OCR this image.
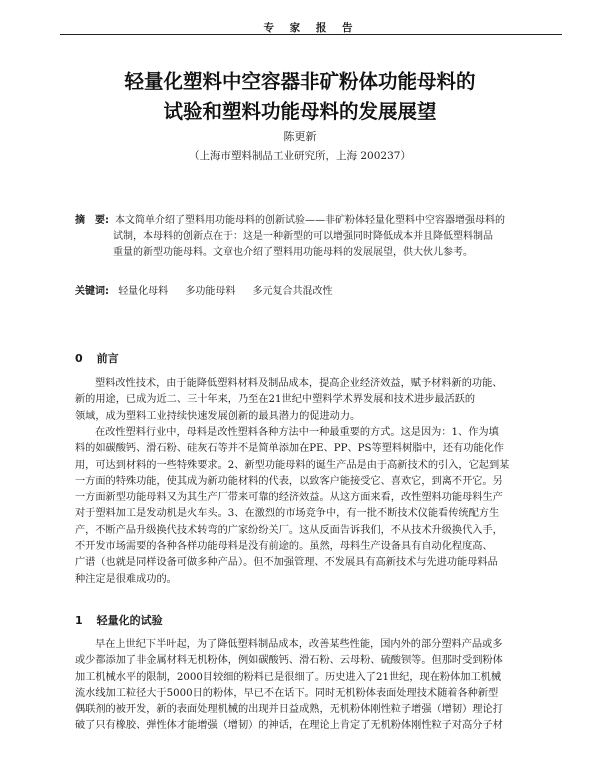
专 家 报 告
轻量化塑料中空容器非矿粉体功能母料的
试验和塑料功能母料的发展展望
陈更新
（上海市塑料制品工业研究所，上海 200237）
摘　要: 本文简单介绍了塑料用功能母料的创新试验——非矿粉体轻量化塑料中空容器增强母料的
试制，本母料的创新点在于：这是一种新型的可以增强同时降低成本并且降低塑料制品
重量的新型功能母料。文章也介绍了塑料用功能母料的发展展望，供大伙儿参考。
关键词: 轻量化母料 多功能母料 多元复合共混改性
0 前言
塑料改性技术，由于能降低塑料材料及制品成本，提高企业经济效益，赋予材料新的功能、
新的用途，已成为近二、三十年来，乃至在21世纪中塑料学术界发展和技术进步最活跃的
领域，成为塑料工业持续快速发展创新的最具潜力的促进动力。
在改性塑料行业中，母料是改性塑料各种方法中一种最重要的方式。这是因为：1、作为填
料的如碳酸钙、滑石粉、硅灰石等并不是简单添加在PE、PP、PS等塑料树脂中，还有功能化作
用，可达到材料的一些特殊要求。2、新型功能母料的诞生产品是由于高新技术的引入，它起到某
一方面的特殊功能，使其成为新功能材料的代表，以致客户能接受它、喜欢它，到离不开它。另
一方面新型功能母料又为其生产厂带来可靠的经济效益。从这方面来看，改性塑料功能母料生产
对于塑料加工是发动机是火车头。3、在激烈的市场竞争中，有一批不断技术仪能看传统配方生
产，不断产品升级换代技术转弯的广家纷纷关厂。这从反面告诉我们，不从技术升级换代入手，
不开发市场需要的各种各样功能母料是没有前途的。虽然，母料生产设备具有自动化程度高、
广谱（也就是同样设备可做多种产品）。但不加强管理、不发展具有高新技术与先进功能母料品
种注定是很难成功的。
1 轻量化的试验
早在上世纪下半叶起，为了降低塑料制品成本，改善某些性能，国内外的部分塑料产品或多
或少都添加了非金属材料无机粉体，例如碳酸钙、滑石粉、云母粉、硫酸钡等。但那时受到粉体
加工机械水平的限制，2000目较细的粉料已是很细了。历史进入了21世纪，现在粉体加工机械
流水线加工粒径大于5000日的粉体，早已不在话下。同时无机粉体表面处理技术随着各种新型
偶联剂的被开发，新的表面处理机械的出现并日益成熟，无机粉体刚性粒子增强（增韧）理论打
破了只有橡胶、弹性体才能增强（增韧）的神话，在理论上肯定了无机粉体刚性粒子对高分子材
